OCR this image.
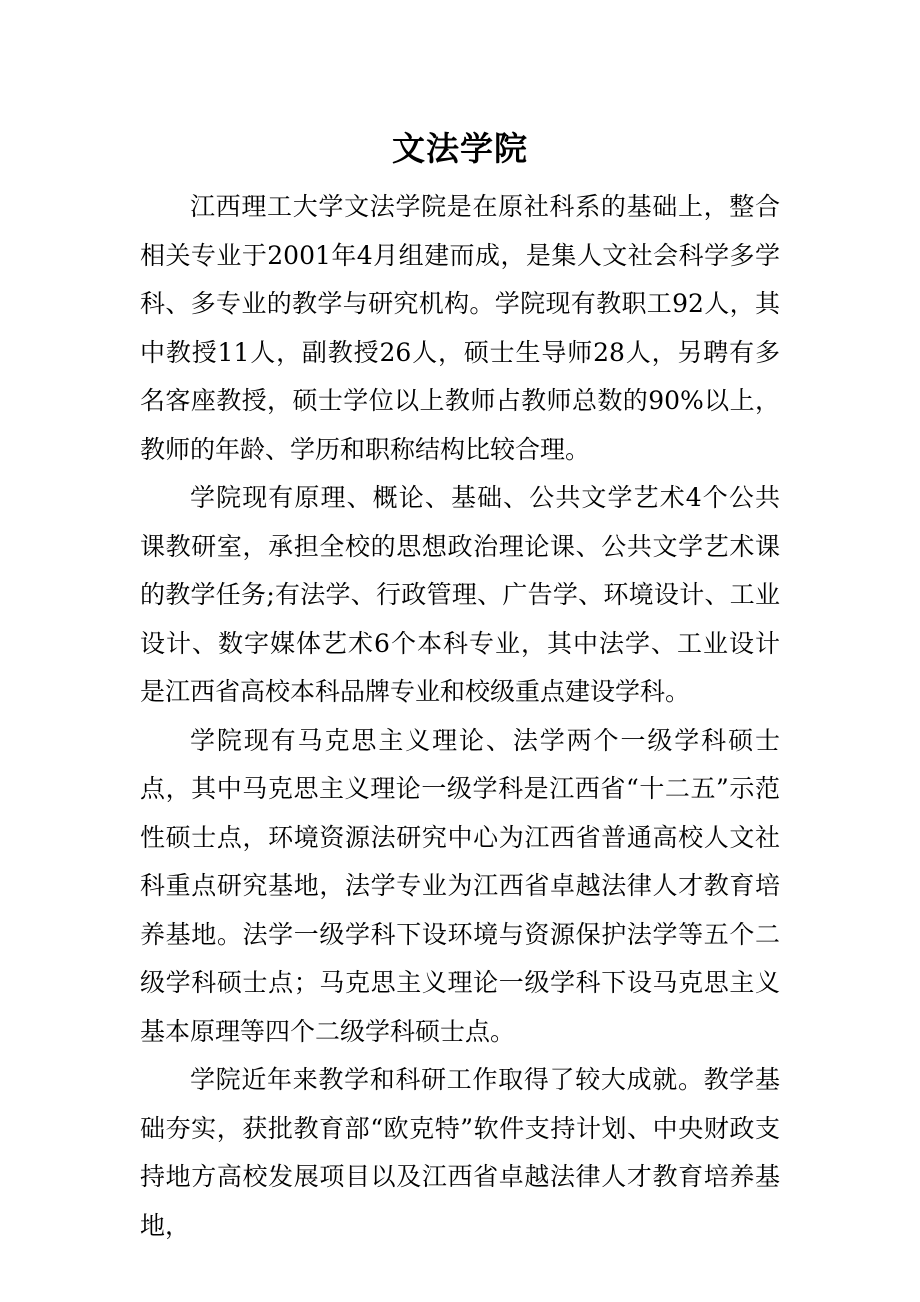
文法学院

江西理工大学文法学院是在原社科系的基础上，整合相关专业于2001年4月组建而成，是集人文社会科学多学科、多专业的教学与研究机构。学院现有教职工92人，其中教授11人，副教授26人，硕士生导师28人，另聘有多名客座教授，硕士学位以上教师占教师总数的90%以上，教师的年龄、学历和职称结构比较合理。

学院现有原理、概论、基础、公共文学艺术4个公共课教研室，承担全校的思想政治理论课、公共文学艺术课的教学任务;有法学、行政管理、广告学、环境设计、工业设计、数字媒体艺术6个本科专业，其中法学、工业设计是江西省高校本科品牌专业和校级重点建设学科。

学院现有马克思主义理论、法学两个一级学科硕士点，其中马克思主义理论一级学科是江西省“十二五”示范性硕士点，环境资源法研究中心为江西省普通高校人文社科重点研究基地，法学专业为江西省卓越法律人才教育培养基地。法学一级学科下设环境与资源保护法学等五个二级学科硕士点；马克思主义理论一级学科下设马克思主义基本原理等四个二级学科硕士点。

学院近年来教学和科研工作取得了较大成就。教学基础夯实，获批教育部“欧克特”软件支持计划、中央财政支持地方高校发展项目以及江西省卓越法律人才教育培养基地，
